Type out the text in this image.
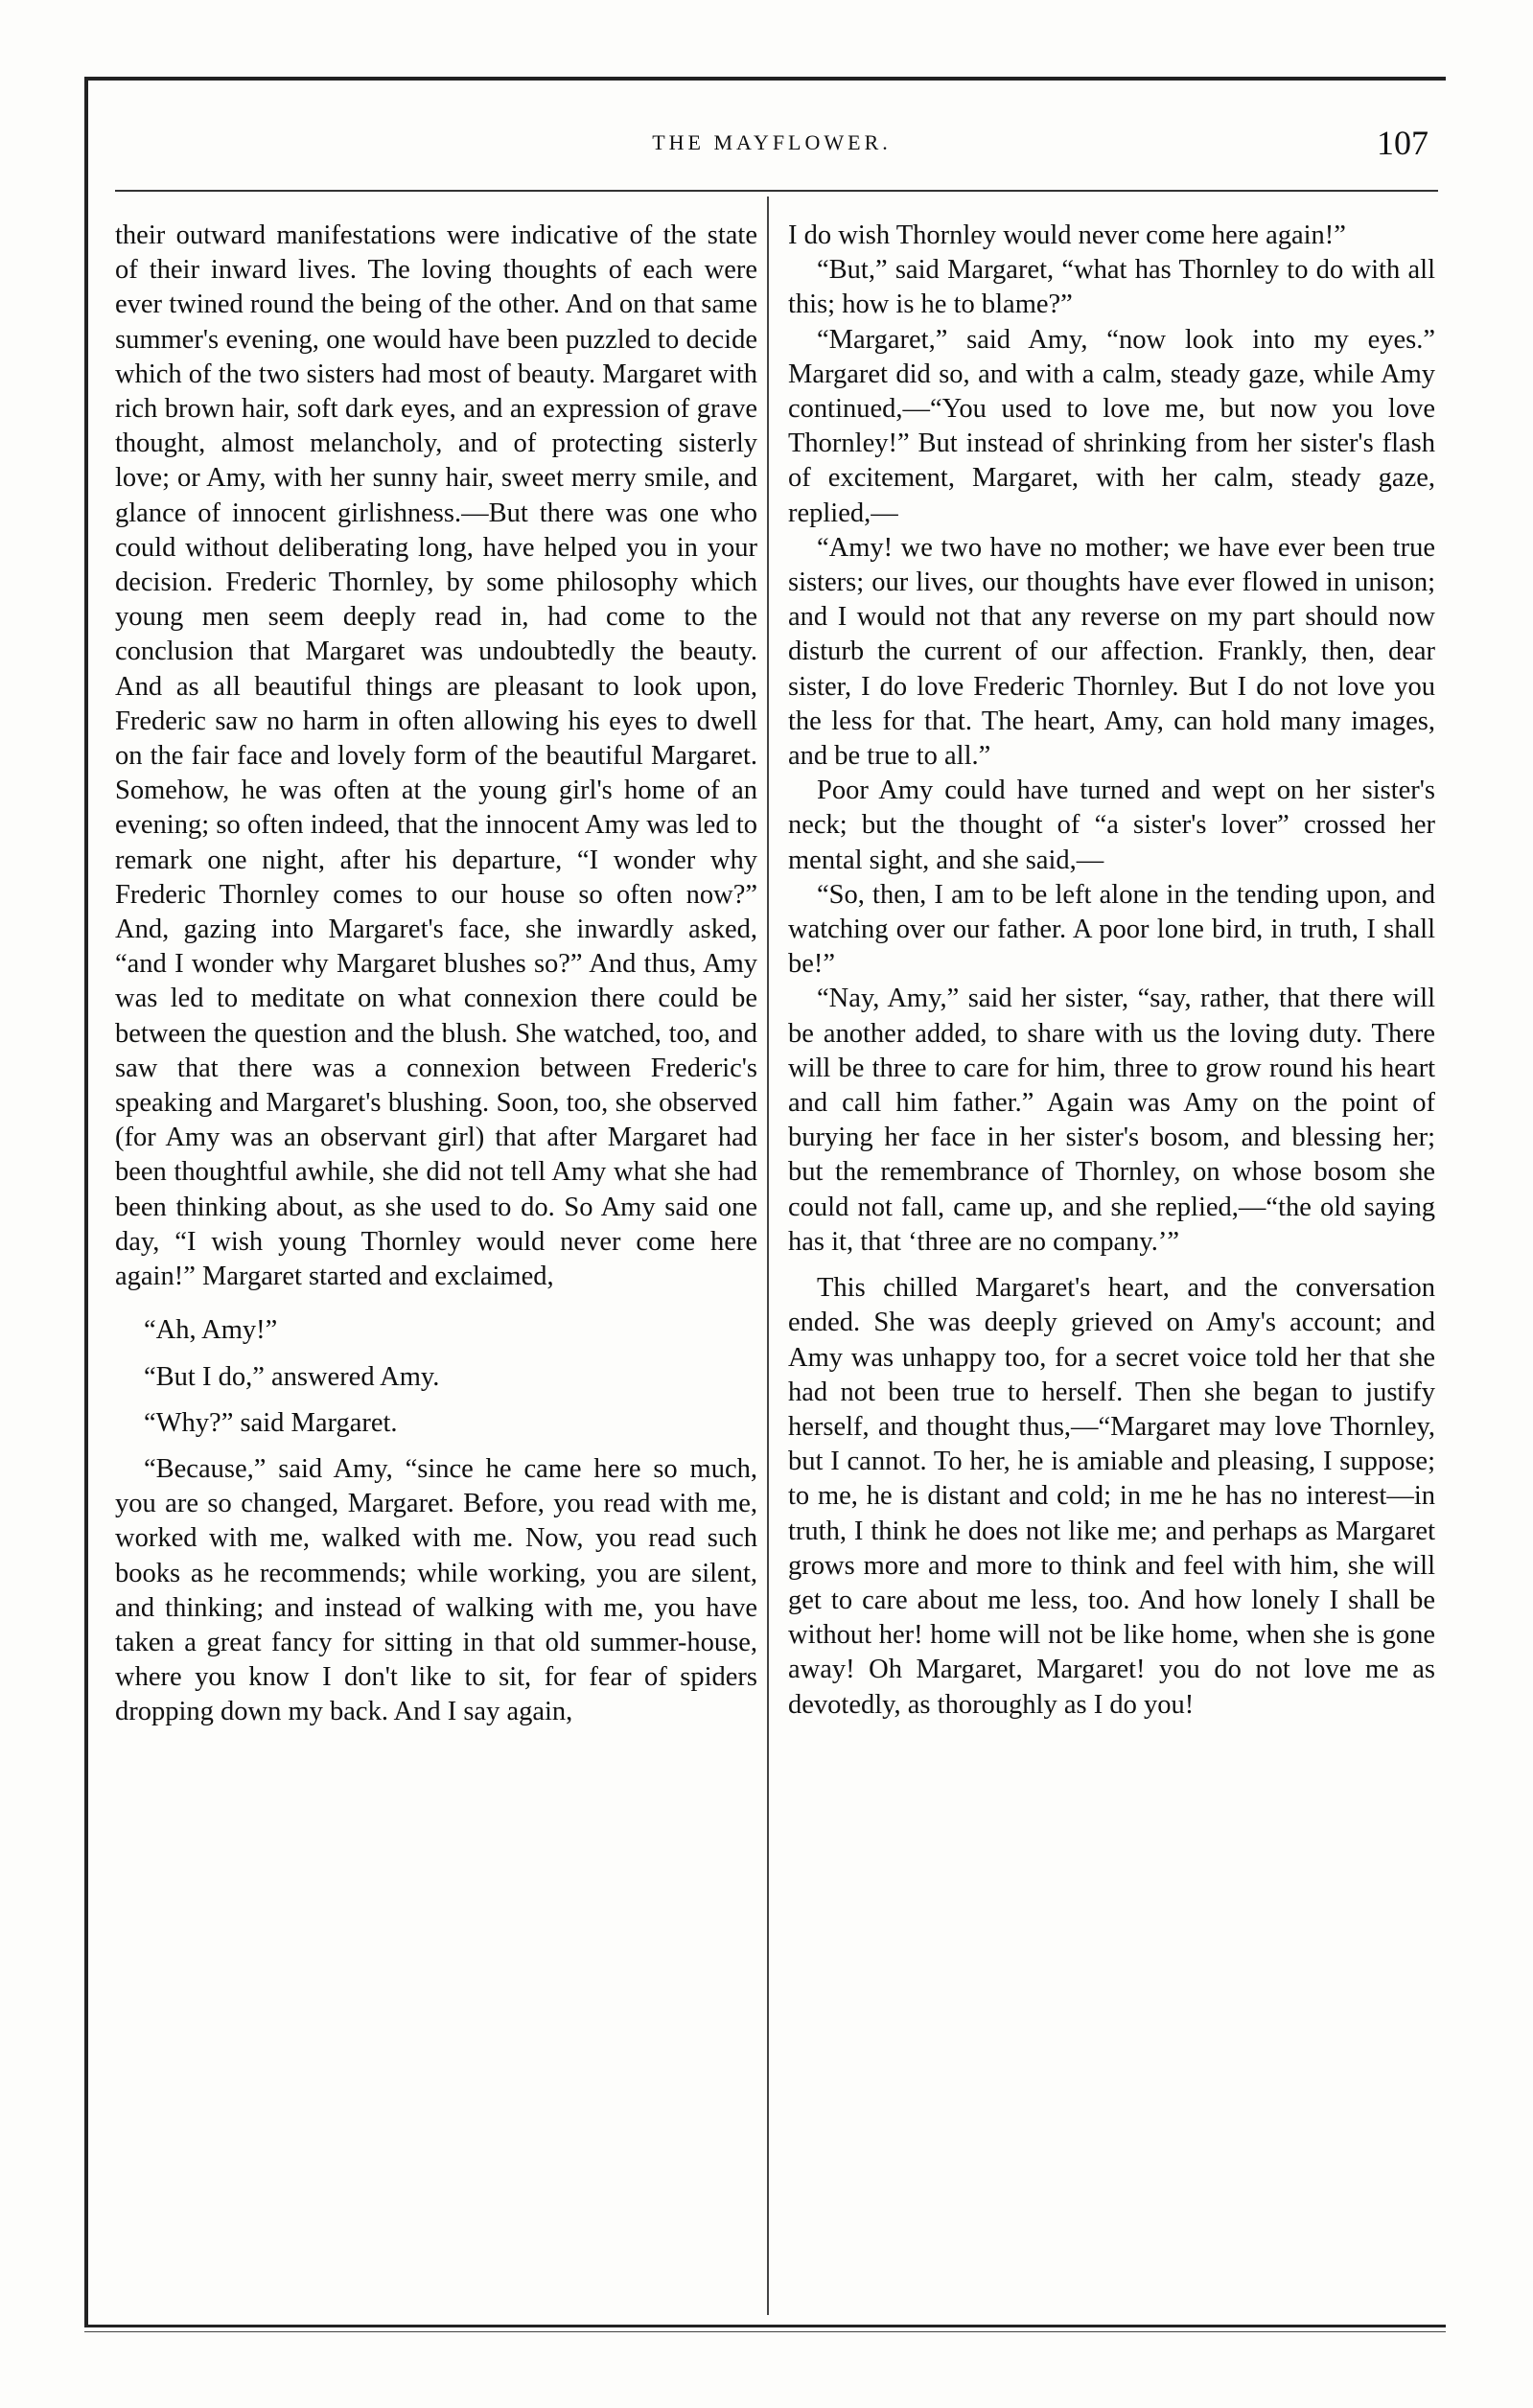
THE MAYFLOWER.	107

their outward manifestations were indicative of the state of their inward lives. The loving thoughts of each were ever twined round the being of the other. And on that same summer's evening, one would have been puzzled to decide which of the two sisters had most of beauty. Margaret with rich brown hair, soft dark eyes, and an expression of grave thought, almost melancholy, and of protecting sisterly love; or Amy, with her sunny hair, sweet merry smile, and glance of innocent girlishness.—But there was one who could without deliberating long, have helped you in your decision. Frederic Thornley, by some philosophy which young men seem deeply read in, had come to the conclusion that Margaret was undoubtedly the beauty. And as all beautiful things are pleasant to look upon, Frederic saw no harm in often allowing his eyes to dwell on the fair face and lovely form of the beautiful Margaret. Somehow, he was often at the young girl's home of an evening; so often indeed, that the innocent Amy was led to remark one night, after his departure, “I wonder why Frederic Thornley comes to our house so often now?” And, gazing into Margaret's face, she inwardly asked, “and I wonder why Margaret blushes so?” And thus, Amy was led to meditate on what connexion there could be between the question and the blush. She watched, too, and saw that there was a connexion between Frederic's speaking and Margaret's blushing. Soon, too, she observed (for Amy was an observant girl) that after Margaret had been thoughtful awhile, she did not tell Amy what she had been thinking about, as she used to do. So Amy said one day, “I wish young Thornley would never come here again!” Margaret started and exclaimed,

“Ah, Amy!”

“But I do,” answered Amy.

“Why?” said Margaret.

“Because,” said Amy, “since he came here so much, you are so changed, Margaret. Before, you read with me, worked with me, walked with me. Now, you read such books as he recommends; while working, you are silent, and thinking; and instead of walking with me, you have taken a great fancy for sitting in that old summer-house, where you know I don't like to sit, for fear of spiders dropping down my back. And I say again,

I do wish Thornley would never come here again!”

“But,” said Margaret, “what has Thornley to do with all this; how is he to blame?”

“Margaret,” said Amy, “now look into my eyes.” Margaret did so, and with a calm, steady gaze, while Amy continued,—“You used to love me, but now you love Thornley!” But instead of shrinking from her sister's flash of excitement, Margaret, with her calm, steady gaze, replied,—

“Amy! we two have no mother; we have ever been true sisters; our lives, our thoughts have ever flowed in unison; and I would not that any reverse on my part should now disturb the current of our affection. Frankly, then, dear sister, I do love Frederic Thornley. But I do not love you the less for that. The heart, Amy, can hold many images, and be true to all.”

Poor Amy could have turned and wept on her sister's neck; but the thought of “a sister's lover” crossed her mental sight, and she said,—

“So, then, I am to be left alone in the tending upon, and watching over our father. A poor lone bird, in truth, I shall be!”

“Nay, Amy,” said her sister, “say, rather, that there will be another added, to share with us the loving duty. There will be three to care for him, three to grow round his heart and call him father.” Again was Amy on the point of burying her face in her sister's bosom, and blessing her; but the remembrance of Thornley, on whose bosom she could not fall, came up, and she replied,—“the old saying has it, that ‘three are no company.’”

This chilled Margaret's heart, and the conversation ended. She was deeply grieved on Amy's account; and Amy was unhappy too, for a secret voice told her that she had not been true to herself. Then she began to justify herself, and thought thus,—“Margaret may love Thornley, but I cannot. To her, he is amiable and pleasing, I suppose; to me, he is distant and cold; in me he has no interest—in truth, I think he does not like me; and perhaps as Margaret grows more and more to think and feel with him, she will get to care about me less, too. And how lonely I shall be without her! home will not be like home, when she is gone away! Oh Margaret, Margaret! you do not love me as devotedly, as thoroughly as I do you!
